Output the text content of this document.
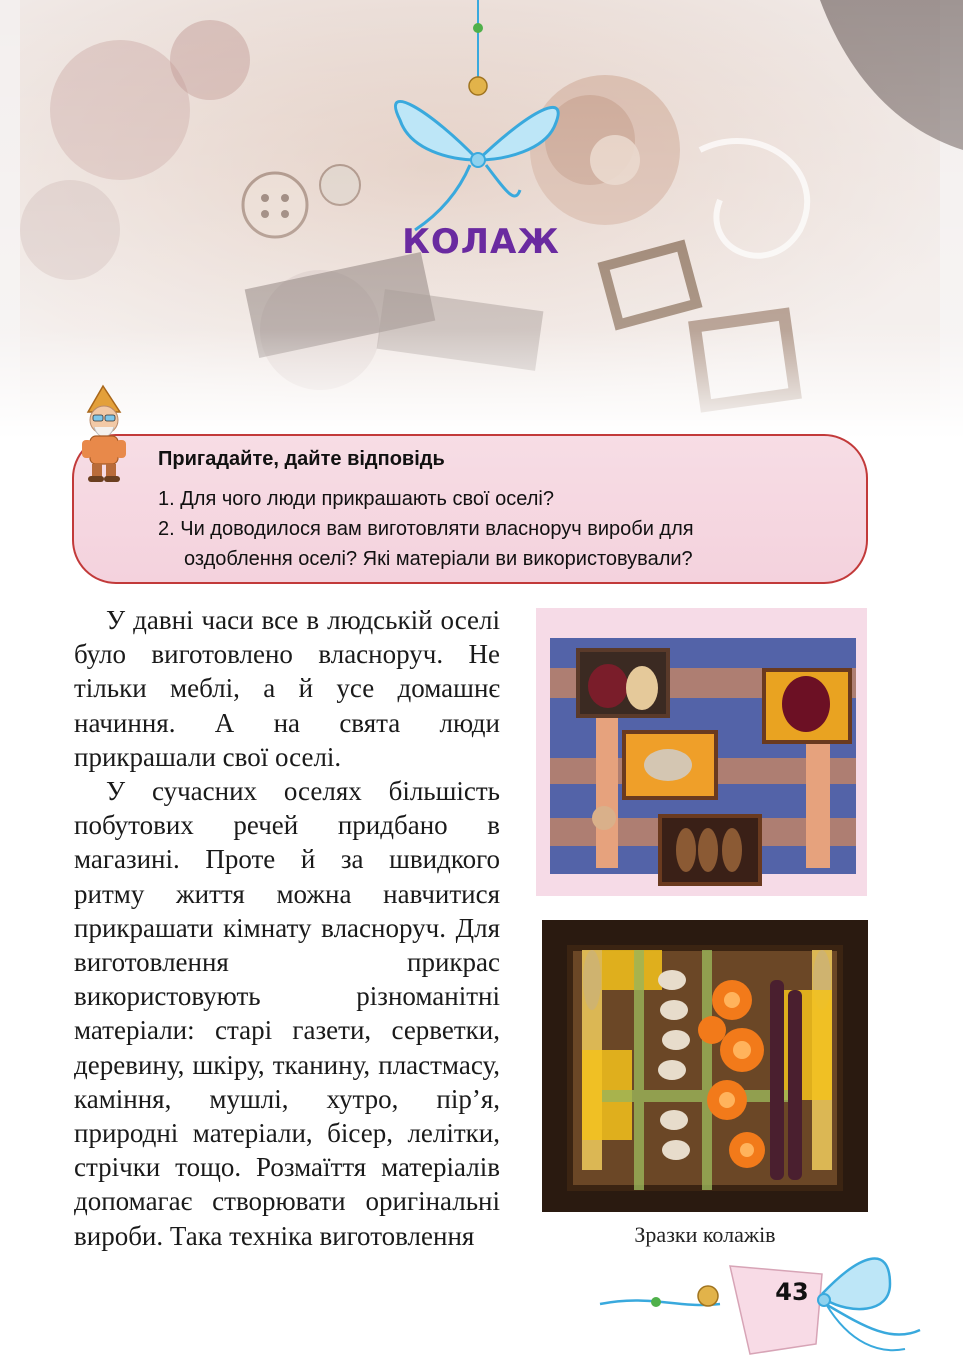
КОЛАЖ
Пригадайте, дайте відповідь
1. Для чого люди прикрашають свої оселі?
2. Чи доводилося вам виготовляти власноруч вироби для
оздоблення оселі? Які матеріали ви використовували?

У давні часи все в людській оселі було виготовлено власноруч. Не тільки меблі, а й усе домашнє начиння. А на свята люди прикрашали свої оселі.

У сучасних оселях більшість побутових речей придбано в магазині. Проте й за швидкого ритму життя можна навчитися прикрашати кімнату власноруч. Для виготовлення прикрас використовують різноманітні матеріали: старі газети, серветки, деревину, шкіру, тканину, пластмасу, каміння, мушлі, хутро, пір’я, природні матеріали, бісер, лелітки, стрічки тощо. Розмаїття матеріалів допомагає створювати оригінальні вироби. Така техніка виготовлення	Зразки колажів
43
